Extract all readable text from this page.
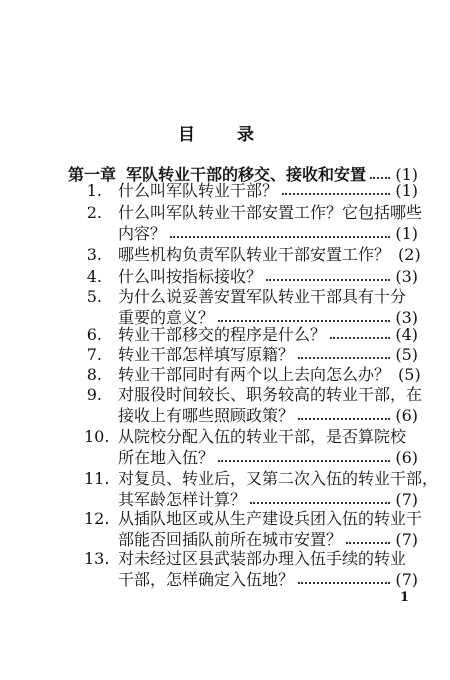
目 录
第一章 军队转业干部的移交、接收和安置 (1)
1. 什么叫军队转业干部？	(1)
2. 什么叫军队转业干部安置工作？它包括哪些
内容？	(1)
3. 哪些机构负责军队转业干部安置工作？ (2)
4. 什么叫按指标接收？	(3)
5. 为什么说妥善安置军队转业干部具有十分
重要的意义？	(3)
6. 转业干部移交的程序是什么？	(4)
7. 转业干部怎样填写原籍？	(5)
8. 转业干部同时有两个以上去向怎么办？ (5)
9. 对服役时间较长、职务较高的转业干部，在
接收上有哪些照顾政策？	(6)
10. 从院校分配入伍的转业干部，是否算院校
所在地入伍？	(6)
11. 对复员、转业后，又第二次入伍的转业干部，
其军龄怎样计算？	(7)
12. 从插队地区或从生产建设兵团入伍的转业干
部能否回插队前所在城市安置？	(7)
13. 对未经过区县武装部办理入伍手续的转业
干部，怎样确定入伍地？	(7)
1
